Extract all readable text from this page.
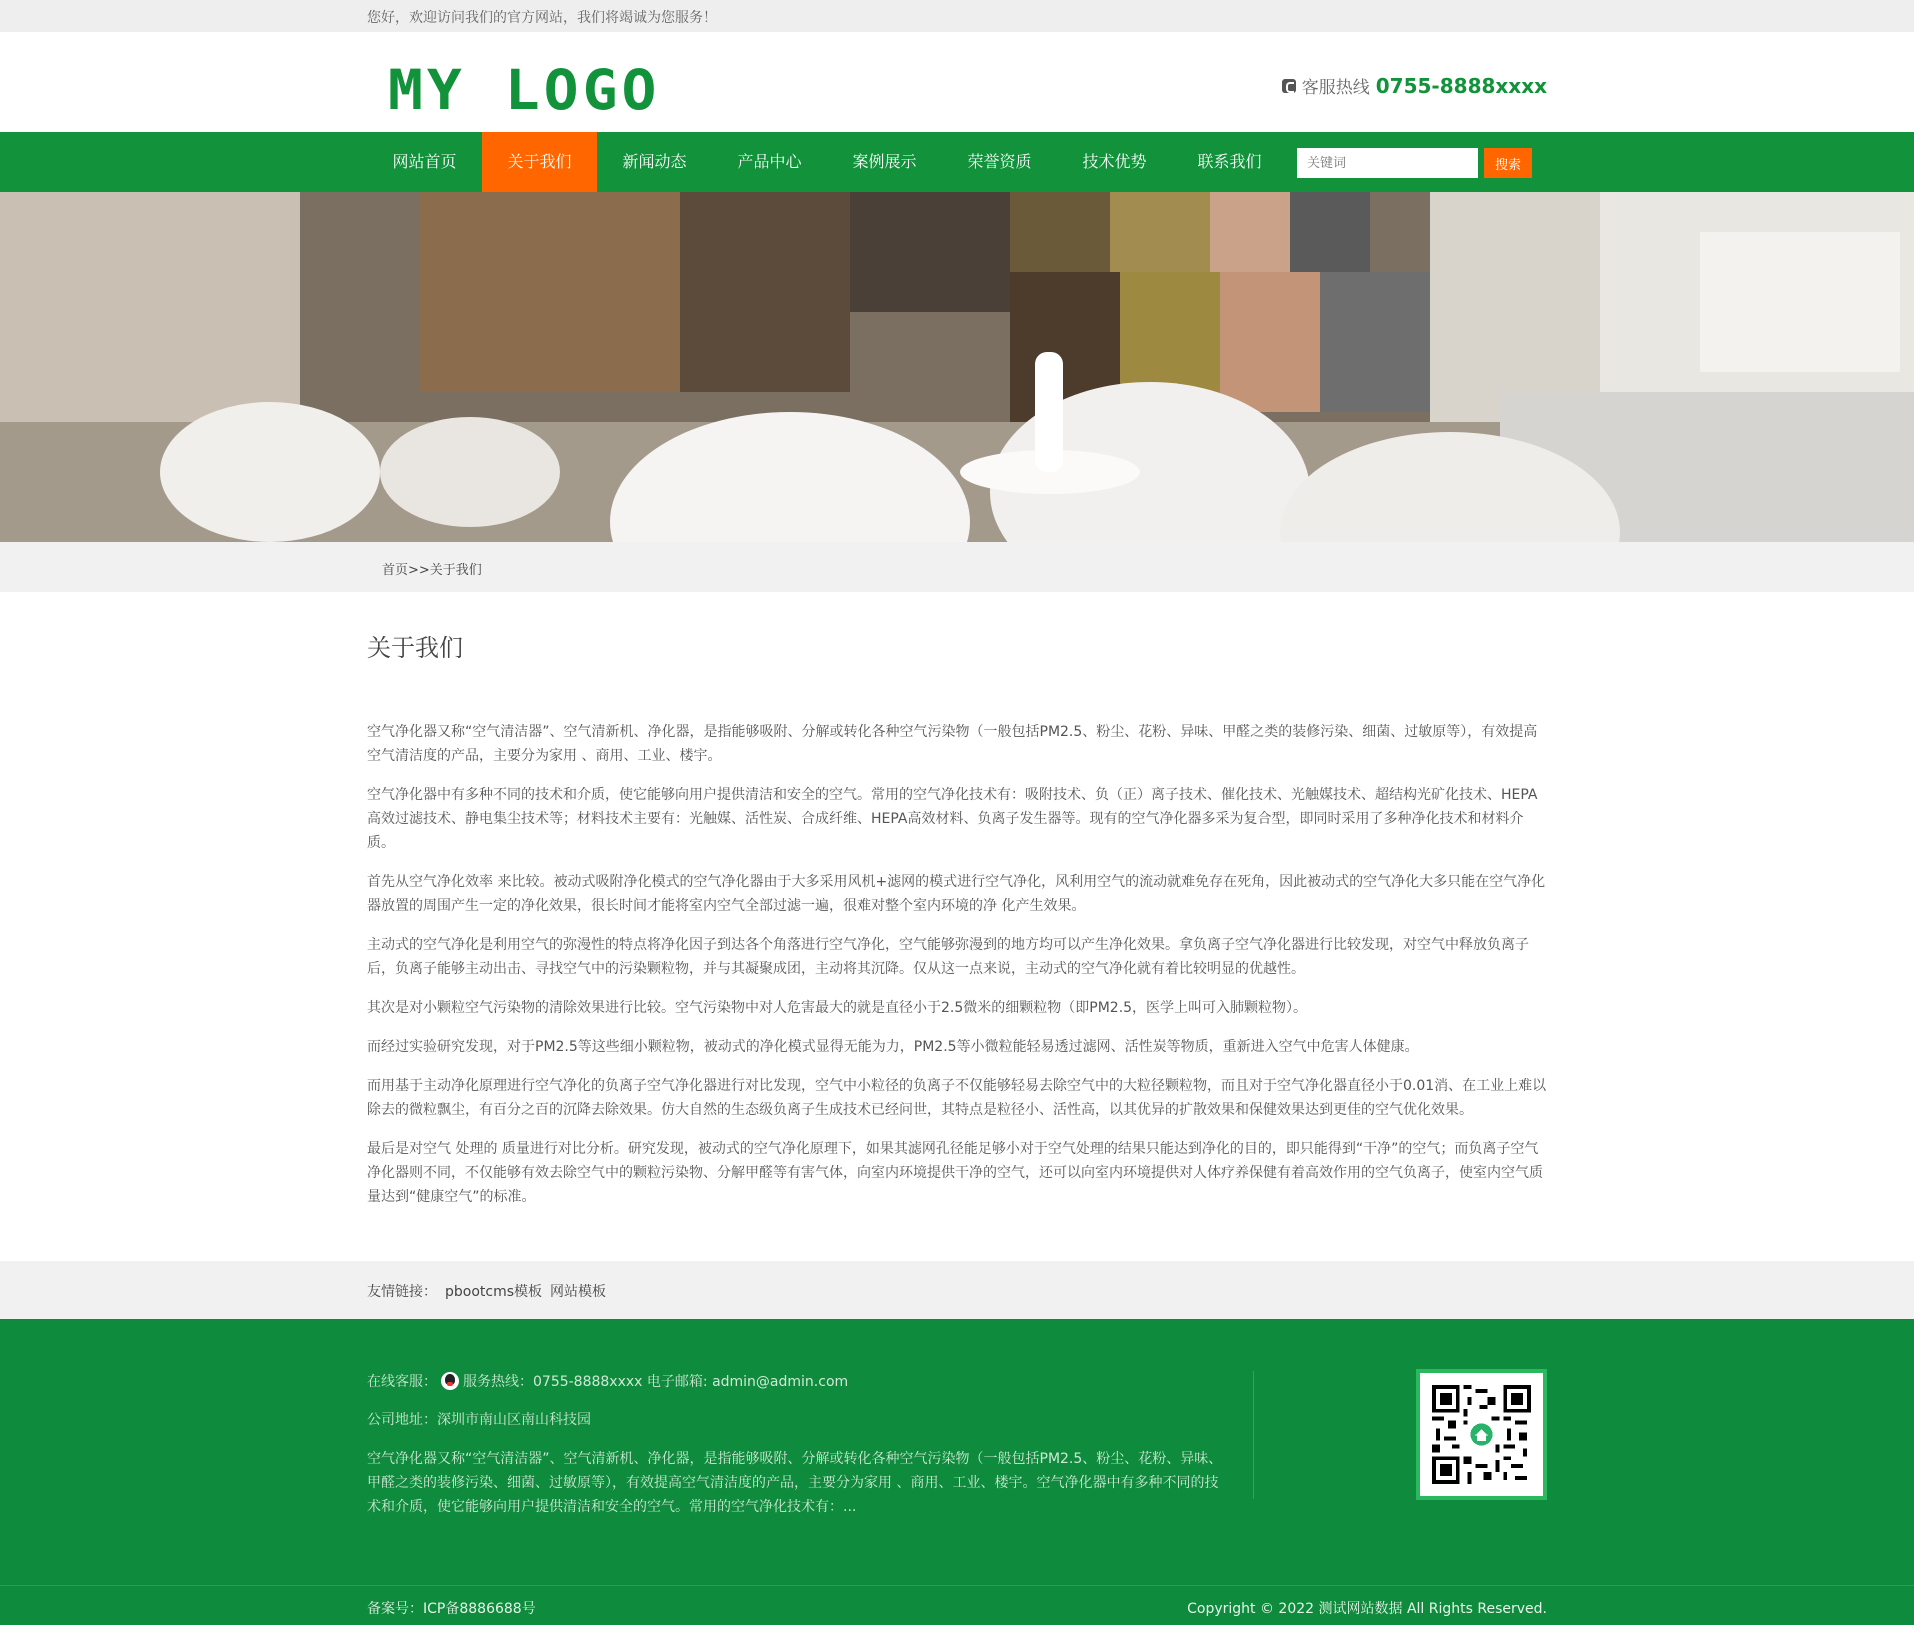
您好，欢迎访问我们的官方网站，我们将竭诚为您服务！
MY LOGO	客服热线 0755-8888xxxx
网站首页	关于我们	新闻动态	产品中心	案例展示	荣誉资质	技术优势	联系我们
关键词	搜索
首页>>关于我们
关于我们

空气净化器又称“空气清洁器”、空气清新机、净化器，是指能够吸附、分解或转化各种空气污染物（一般包括PM2.5、粉尘、花粉、异味、甲醛之类的装修污染、细菌、过敏原等），有效提高空气清洁度的产品，主要分为家用 、商用、工业、楼宇。

空气净化器中有多种不同的技术和介质，使它能够向用户提供清洁和安全的空气。常用的空气净化技术有：吸附技术、负（正）离子技术、催化技术、光触媒技术、超结构光矿化技术、HEPA高效过滤技术、静电集尘技术等；材料技术主要有：光触媒、活性炭、合成纤维、HEPA高效材料、负离子发生器等。现有的空气净化器多采为复合型，即同时采用了多种净化技术和材料介质。

首先从空气净化效率 来比较。被动式吸附净化模式的空气净化器由于大多采用风机+滤网的模式进行空气净化，风利用空气的流动就难免存在死角，因此被动式的空气净化大多只能在空气净化器放置的周围产生一定的净化效果，很长时间才能将室内空气全部过滤一遍，很难对整个室内环境的净 化产生效果。

主动式的空气净化是利用空气的弥漫性的特点将净化因子到达各个角落进行空气净化，空气能够弥漫到的地方均可以产生净化效果。拿负离子空气净化器进行比较发现，对空气中释放负离子后，负离子能够主动出击、寻找空气中的污染颗粒物，并与其凝聚成团，主动将其沉降。仅从这一点来说，主动式的空气净化就有着比较明显的优越性。

其次是对小颗粒空气污染物的清除效果进行比较。空气污染物中对人危害最大的就是直径小于2.5微米的细颗粒物（即PM2.5，医学上叫可入肺颗粒物）。

而经过实验研究发现，对于PM2.5等这些细小颗粒物，被动式的净化模式显得无能为力，PM2.5等小微粒能轻易透过滤网、活性炭等物质，重新进入空气中危害人体健康。

而用基于主动净化原理进行空气净化的负离子空气净化器进行对比发现，空气中小粒径的负离子不仅能够轻易去除空气中的大粒径颗粒物，而且对于空气净化器直径小于0.01消、在工业上难以除去的微粒飘尘，有百分之百的沉降去除效果。仿大自然的生态级负离子生成技术已经问世，其特点是粒径小、活性高，以其优异的扩散效果和保健效果达到更佳的空气优化效果。

最后是对空气 处理的 质量进行对比分析。研究发现，被动式的空气净化原理下，如果其滤网孔径能足够小对于空气处理的结果只能达到净化的目的，即只能得到“干净”的空气；而负离子空气净化器则不同，不仅能够有效去除空气中的颗粒污染物、分解甲醛等有害气体，向室内环境提供干净的空气，还可以向室内环境提供对人体疗养保健有着高效作用的空气负离子，使室内空气质量达到“健康空气”的标准。

友情链接： pbootcms模板 网站模板
在线客服： 服务热线：0755-8888xxxx 电子邮箱: admin@admin.com
公司地址：深圳市南山区南山科技园
空气净化器又称“空气清洁器”、空气清新机、净化器，是指能够吸附、分解或转化各种空气污染物（一般包括PM2.5、粉尘、花粉、异味、甲醛之类的装修污染、细菌、过敏原等），有效提高空气清洁度的产品，主要分为家用 、商用、工业、楼宇。空气净化器中有多种不同的技术和介质，使它能够向用户提供清洁和安全的空气。常用的空气净化技术有：...
备案号：ICP备8886688号	Copyright © 2022 测试网站数据 All Rights Reserved.
